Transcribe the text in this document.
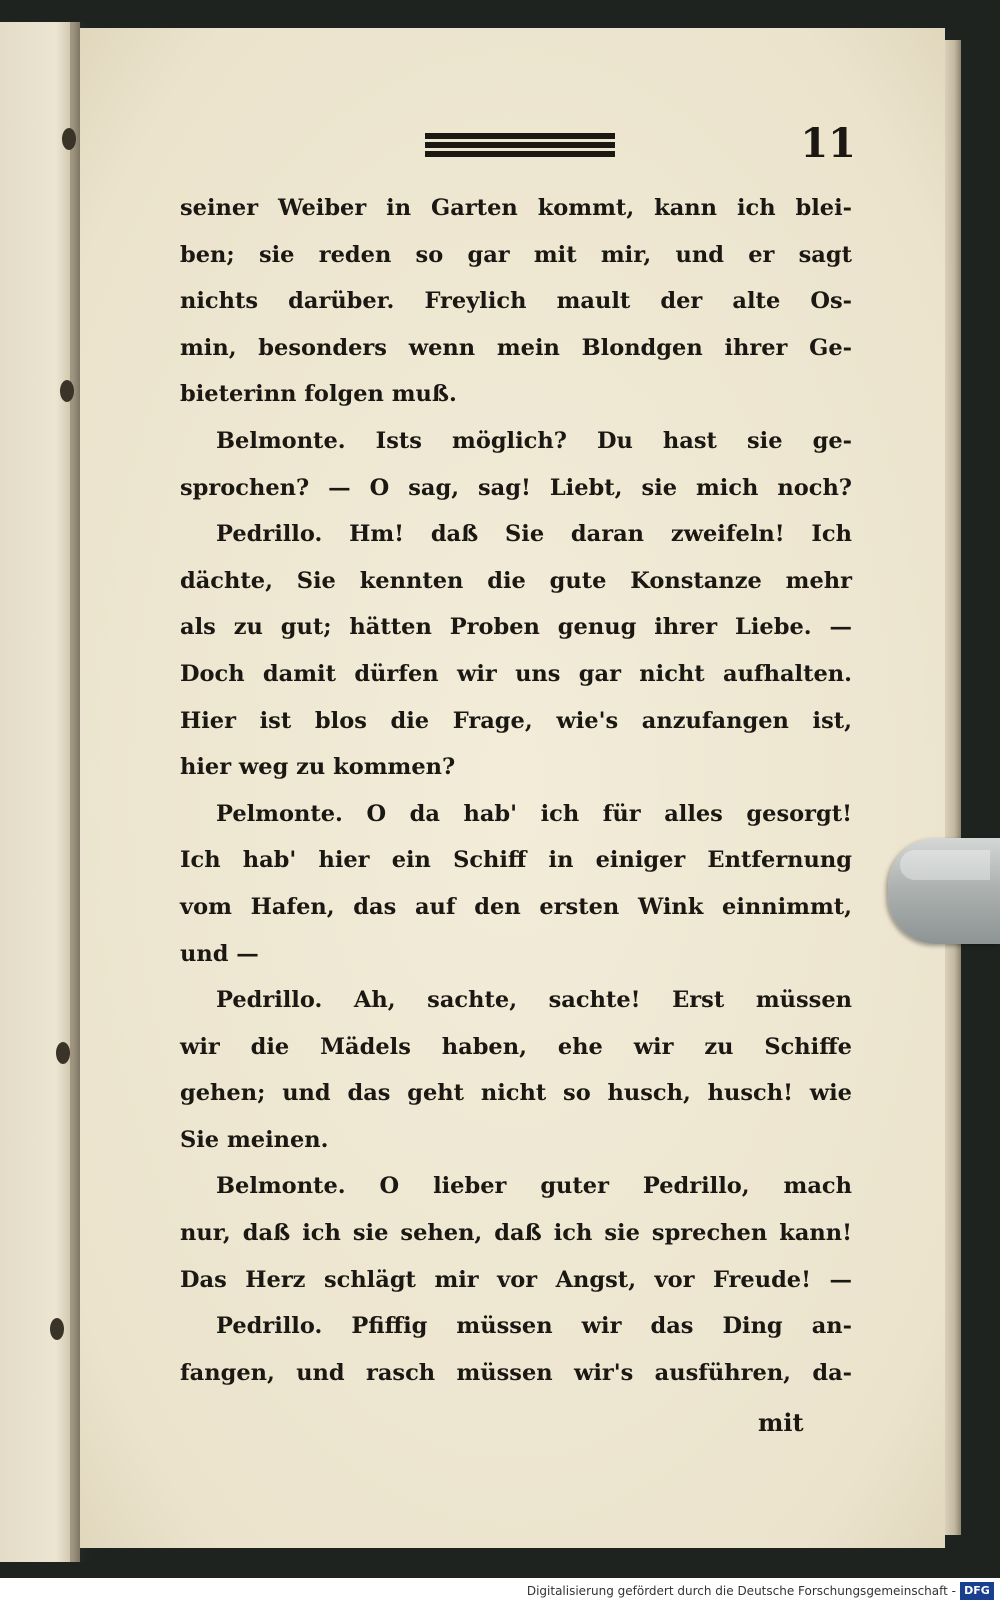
11
seiner Weiber in Garten kommt, kann ich blei-
ben; sie reden so gar mit mir, und er sagt
nichts darüber. Freylich mault der alte Os-
min, besonders wenn mein Blondgen ihrer Ge-
bieterinn folgen muß.
Belmonte. Ists möglich? Du hast sie ge-
sprochen? — O sag, sag! Liebt, sie mich noch?
Pedrillo. Hm! daß Sie daran zweifeln! Ich
dächte, Sie kennten die gute Konstanze mehr
als zu gut; hätten Proben genug ihrer Liebe. —
Doch damit dürfen wir uns gar nicht aufhalten.
Hier ist blos die Frage, wie's anzufangen ist,
hier weg zu kommen?
Pelmonte. O da hab' ich für alles gesorgt!
Ich hab' hier ein Schiff in einiger Entfernung
vom Hafen, das auf den ersten Wink einnimmt,
und —
Pedrillo. Ah, sachte, sachte! Erst müssen
wir die Mädels haben, ehe wir zu Schiffe
gehen; und das geht nicht so husch, husch! wie
Sie meinen.
Belmonte. O lieber guter Pedrillo, mach
nur, daß ich sie sehen, daß ich sie sprechen kann!
Das Herz schlägt mir vor Angst, vor Freude! —
Pedrillo. Pfiffig müssen wir das Ding an-
fangen, und rasch müssen wir's ausführen, da-
mit
Digitalisierung gefördert durch die Deutsche Forschungsgemeinschaft - DFG
